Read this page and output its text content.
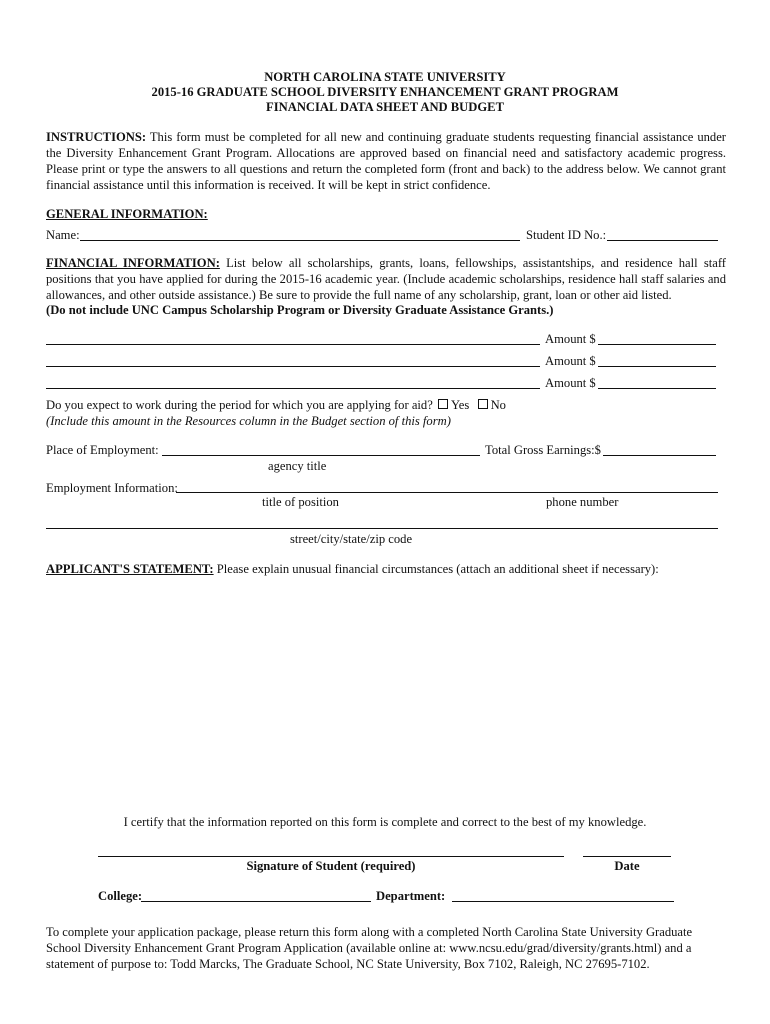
NORTH CAROLINA STATE UNIVERSITY
2015-16 GRADUATE SCHOOL DIVERSITY ENHANCEMENT GRANT PROGRAM
FINANCIAL DATA SHEET AND BUDGET
INSTRUCTIONS: This form must be completed for all new and continuing graduate students requesting financial assistance under the Diversity Enhancement Grant Program. Allocations are approved based on financial need and satisfactory academic progress. Please print or type the answers to all questions and return the completed form (front and back) to the address below. We cannot grant financial assistance until this information is received. It will be kept in strict confidence.
GENERAL INFORMATION:
Name:	Student ID No.:
FINANCIAL INFORMATION: List below all scholarships, grants, loans, fellowships, assistantships, and residence hall staff positions that you have applied for during the 2015-16 academic year. (Include academic scholarships, residence hall staff salaries and allowances, and other outside assistance.) Be sure to provide the full name of any scholarship, grant, loan or other aid listed.
(Do not include UNC Campus Scholarship Program or Diversity Graduate Assistance Grants.)
Amount $
Amount $
Amount $
Do you expect to work during the period for which you are applying for aid? Yes No
(Include this amount in the Resources column in the Budget section of this form)
Place of Employment:	Total Gross Earnings:$
agency title
Employment Information:
title of position	phone number
street/city/state/zip code
APPLICANT'S STATEMENT: Please explain unusual financial circumstances (attach an additional sheet if necessary):
I certify that the information reported on this form is complete and correct to the best of my knowledge.
Signature of Student (required)	Date
College:	Department:
To complete your application package, please return this form along with a completed North Carolina State University Graduate School Diversity Enhancement Grant Program Application (available online at: www.ncsu.edu/grad/diversity/grants.html) and a statement of purpose to: Todd Marcks, The Graduate School, NC State University, Box 7102, Raleigh, NC 27695-7102.
